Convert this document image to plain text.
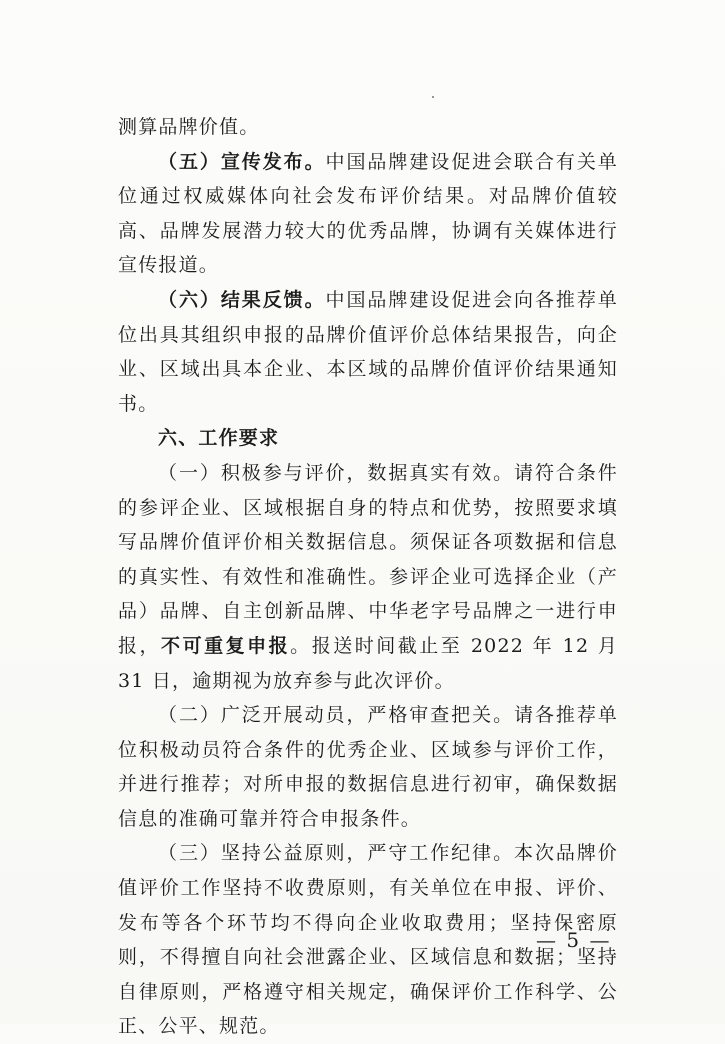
测算品牌价值。

（五）宣传发布。中国品牌建设促进会联合有关单位通过权威媒体向社会发布评价结果。对品牌价值较高、品牌发展潜力较大的优秀品牌，协调有关媒体进行宣传报道。

（六）结果反馈。中国品牌建设促进会向各推荐单位出具其组织申报的品牌价值评价总体结果报告，向企业、区域出具本企业、本区域的品牌价值评价结果通知书。

六、工作要求

（一）积极参与评价，数据真实有效。请符合条件的参评企业、区域根据自身的特点和优势，按照要求填写品牌价值评价相关数据信息。须保证各项数据和信息的真实性、有效性和准确性。参评企业可选择企业（产品）品牌、自主创新品牌、中华老字号品牌之一进行申报，不可重复申报。报送时间截止至 2022 年 12 月 31 日，逾期视为放弃参与此次评价。

（二）广泛开展动员，严格审查把关。请各推荐单位积极动员符合条件的优秀企业、区域参与评价工作，并进行推荐；对所申报的数据信息进行初审，确保数据信息的准确可靠并符合申报条件。

（三）坚持公益原则，严守工作纪律。本次品牌价值评价工作坚持不收费原则，有关单位在申报、评价、发布等各个环节均不得向企业收取费用；坚持保密原则，不得擅自向社会泄露企业、区域信息和数据；坚持自律原则，严格遵守相关规定，确保评价工作科学、公正、公平、规范。

— 5 —
